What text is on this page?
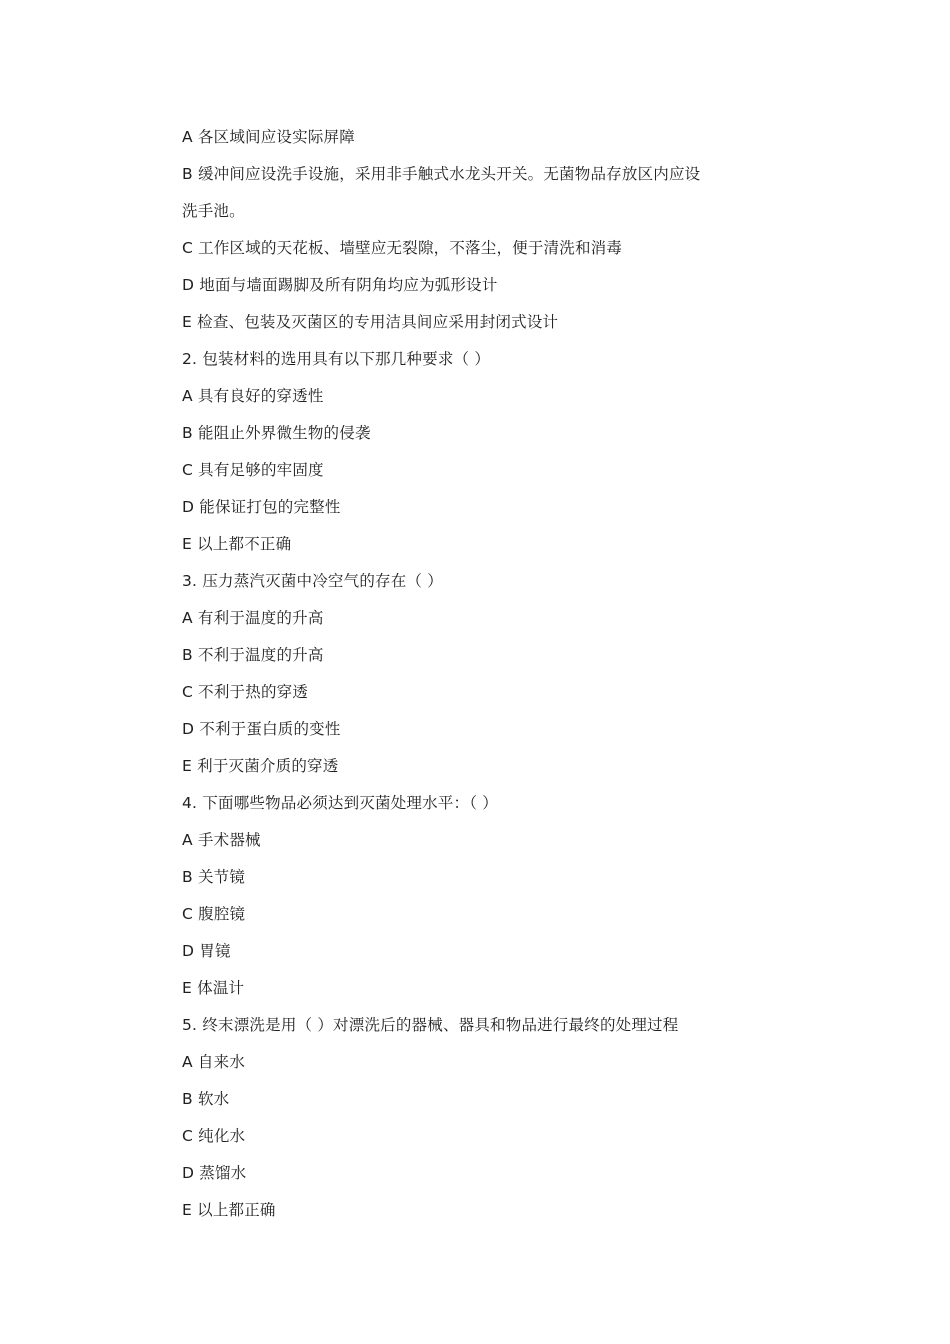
A 各区域间应设实际屏障
B 缓冲间应设洗手设施，采用非手触式水龙头开关。无菌物品存放区内应设
洗手池。
C 工作区域的天花板、墙壁应无裂隙，不落尘，便于清洗和消毒
D 地面与墙面踢脚及所有阴角均应为弧形设计
E 检查、包装及灭菌区的专用洁具间应采用封闭式设计
2. 包装材料的选用具有以下那几种要求（ ）
A 具有良好的穿透性
B 能阻止外界微生物的侵袭
C 具有足够的牢固度
D 能保证打包的完整性
E 以上都不正确
3. 压力蒸汽灭菌中冷空气的存在（ ）
A 有利于温度的升高
B 不利于温度的升高
C 不利于热的穿透
D 不利于蛋白质的变性
E 利于灭菌介质的穿透
4. 下面哪些物品必须达到灭菌处理水平：（ ）
A 手术器械
B 关节镜
C 腹腔镜
D 胃镜
E 体温计
5. 终末漂洗是用（ ）对漂洗后的器械、器具和物品进行最终的处理过程
A 自来水
B 软水
C 纯化水
D 蒸馏水
E 以上都正确
